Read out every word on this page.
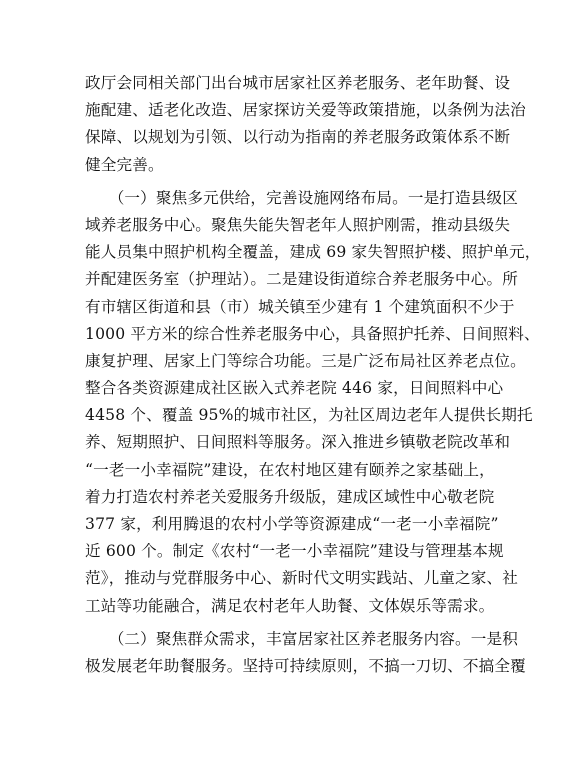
政厅会同相关部门出台城市居家社区养老服务、老年助餐、设
施配建、适老化改造、居家探访关爱等政策措施，以条例为法治
保障、以规划为引领、以行动为指南的养老服务政策体系不断
健全完善。
　　（一）聚焦多元供给，完善设施网络布局。一是打造县级区
域养老服务中心。聚焦失能失智老年人照护刚需，推动县级失
能人员集中照护机构全覆盖，建成 69 家失智照护楼、照护单元，
并配建医务室（护理站）。二是建设街道综合养老服务中心。所
有市辖区街道和县（市）城关镇至少建有 1 个建筑面积不少于
1000 平方米的综合性养老服务中心，具备照护托养、日间照料、
康复护理、居家上门等综合功能。三是广泛布局社区养老点位。
整合各类资源建成社区嵌入式养老院 446 家，日间照料中心
4458 个、覆盖 95%的城市社区，为社区周边老年人提供长期托
养、短期照护、日间照料等服务。深入推进乡镇敬老院改革和
“一老一小幸福院”建设，在农村地区建有颐养之家基础上，
着力打造农村养老关爱服务升级版，建成区域性中心敬老院
377 家，利用腾退的农村小学等资源建成“一老一小幸福院”
近 600 个。制定《农村“一老一小幸福院”建设与管理基本规
范》，推动与党群服务中心、新时代文明实践站、儿童之家、社
工站等功能融合，满足农村老年人助餐、文体娱乐等需求。
　　（二）聚焦群众需求，丰富居家社区养老服务内容。一是积
极发展老年助餐服务。坚持可持续原则，不搞一刀切、不搞全覆
